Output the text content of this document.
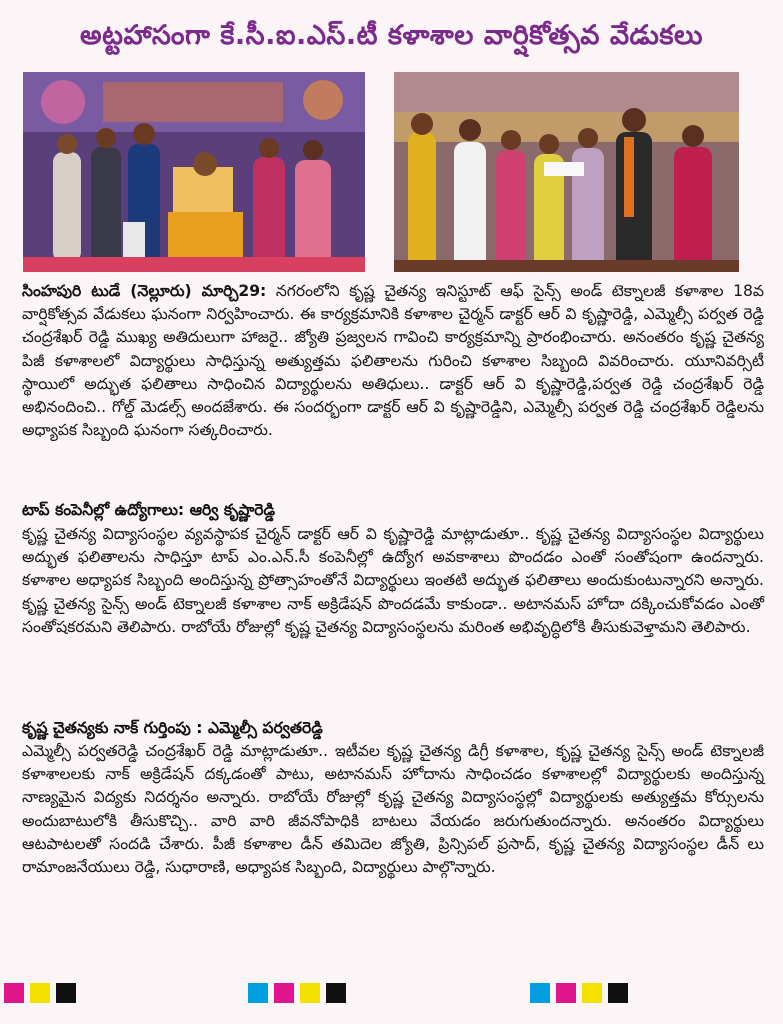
అట్టహాసంగా కే.సీ.ఐ.ఎస్.టీ కళాశాల వార్షికోత్సవ వేడుకలు
సింహపురి టుడే (నెల్లూరు) మార్చి29: నగరంలోని కృష్ణ చైతన్య ఇనిస్టూట్ ఆఫ్ సైన్స్ అండ్ టెక్నాలజీ కళాశాల 18వ వార్షికోత్సవ వేడుకలు ఘనంగా నిర్వహించారు. ఈ కార్యక్రమానికి కళాశాల చైర్మన్ డాక్టర్ ఆర్ వి కృష్ణారెడ్డి, ఎమ్మెల్సీ పర్వత రెడ్డి చంద్రశేఖర్ రెడ్డి ముఖ్య అతిదులుగా హాజరై.. జ్యోతి ప్రజ్వలన గావించి కార్యక్రమాన్ని ప్రారంభించారు. అనంతరం కృష్ణ చైతన్య పిజీ కళాశాలలో విద్యార్థులు సాధిస్తున్న అత్యుత్తమ ఫలితాలను గురించి కళాశాల సిబ్బంది వివరించారు. యూనివర్సిటీ స్థాయిలో అద్భుత ఫలితాలు సాధించిన విద్యార్థులను అతిధులు.. డాక్టర్ ఆర్ వి కృష్ణారెడ్డి,పర్వత రెడ్డి చంద్రశేఖర్ రెడ్డి అభినందించి.. గోల్డ్ మెడల్స్ అందజేశారు. ఈ సందర్భంగా డాక్టర్ ఆర్ వి కృష్ణారెడ్డిని, ఎమ్మెల్సీ పర్వత రెడ్డి చంద్రశేఖర్ రెడ్డిలను అధ్యాపక సిబ్బంది ఘనంగా సత్కరించారు.
టాప్ కంపెనీల్లో ఉద్యోగాలు: ఆర్వి కృష్ణారెడ్డి
కృష్ణ చైతన్య విద్యాసంస్థల వ్యవస్థాపక చైర్మన్ డాక్టర్ ఆర్ వి కృష్ణారెడ్డి మాట్లాడుతూ.. కృష్ణ చైతన్య విద్యాసంస్థల విద్యార్థులు అద్భుత ఫలితాలను సాధిస్తూ టాప్ ఎం.ఎన్.సీ కంపెనీల్లో ఉద్యోగ అవకాశాలు పొందడం ఎంతో సంతోషంగా ఉందన్నారు. కళాశాల అధ్యాపక సిబ్బంది అందిస్తున్న ప్రోత్సాహంతోనే విద్యార్థులు ఇంతటి అద్భుత ఫలితాలు అందుకుంటున్నారని అన్నారు. కృష్ణ చైతన్య సైన్స్ అండ్ టెక్నాలజీ కళాశాల నాక్ అక్రిడేషన్ పొందడమే కాకుండా.. అటానమస్ హోదా దక్కించుకోవడం ఎంతో సంతోషకరమని తెలిపారు. రాబోయే రోజుల్లో కృష్ణ చైతన్య విద్యాసంస్థలను మరింత అభివృద్ధిలోకి తీసుకువెళ్తామని తెలిపారు.
కృష్ణ చైతన్యకు నాక్ గుర్తింపు : ఎమ్మెల్సీ పర్వతరెడ్డి
ఎమ్మెల్సీ పర్వతరెడ్డి చంద్రశేఖర్ రెడ్డి మాట్లాడుతూ.. ఇటీవల కృష్ణ చైతన్య డిగ్రీ కళాశాల, కృష్ణ చైతన్య సైన్స్ అండ్ టెక్నాలజీ కళాశాలలకు నాక్ అక్రిడేషన్ దక్కడంతో పాటు, అటానమస్ హోదాను సాధించడం కళాశాలల్లో విద్యార్థులకు అందిస్తున్న నాణ్యమైన విద్యకు నిదర్శనం అన్నారు. రాబోయే రోజుల్లో కృష్ణ చైతన్య విద్యాసంస్థల్లో విద్యార్థులకు అత్యుత్తమ కోర్సులను అందుబాటులోకి తీసుకొచ్చి.. వారి వారి జీవనోపాధికి బాటలు వేయడం జరుగుతుందన్నారు. అనంతరం విద్యార్థులు ఆటపాటలతో సందడి చేశారు. పీజీ కళాశాల డీన్ తమిదెల జ్యోతి, ప్రిన్సిపల్ ప్రసాద్, కృష్ణ చైతన్య విద్యాసంస్థల డీన్ లు రామాంజనేయులు రెడ్డి, సుధారాణి, అధ్యాపక సిబ్బంది, విద్యార్థులు పాల్గొన్నారు.
